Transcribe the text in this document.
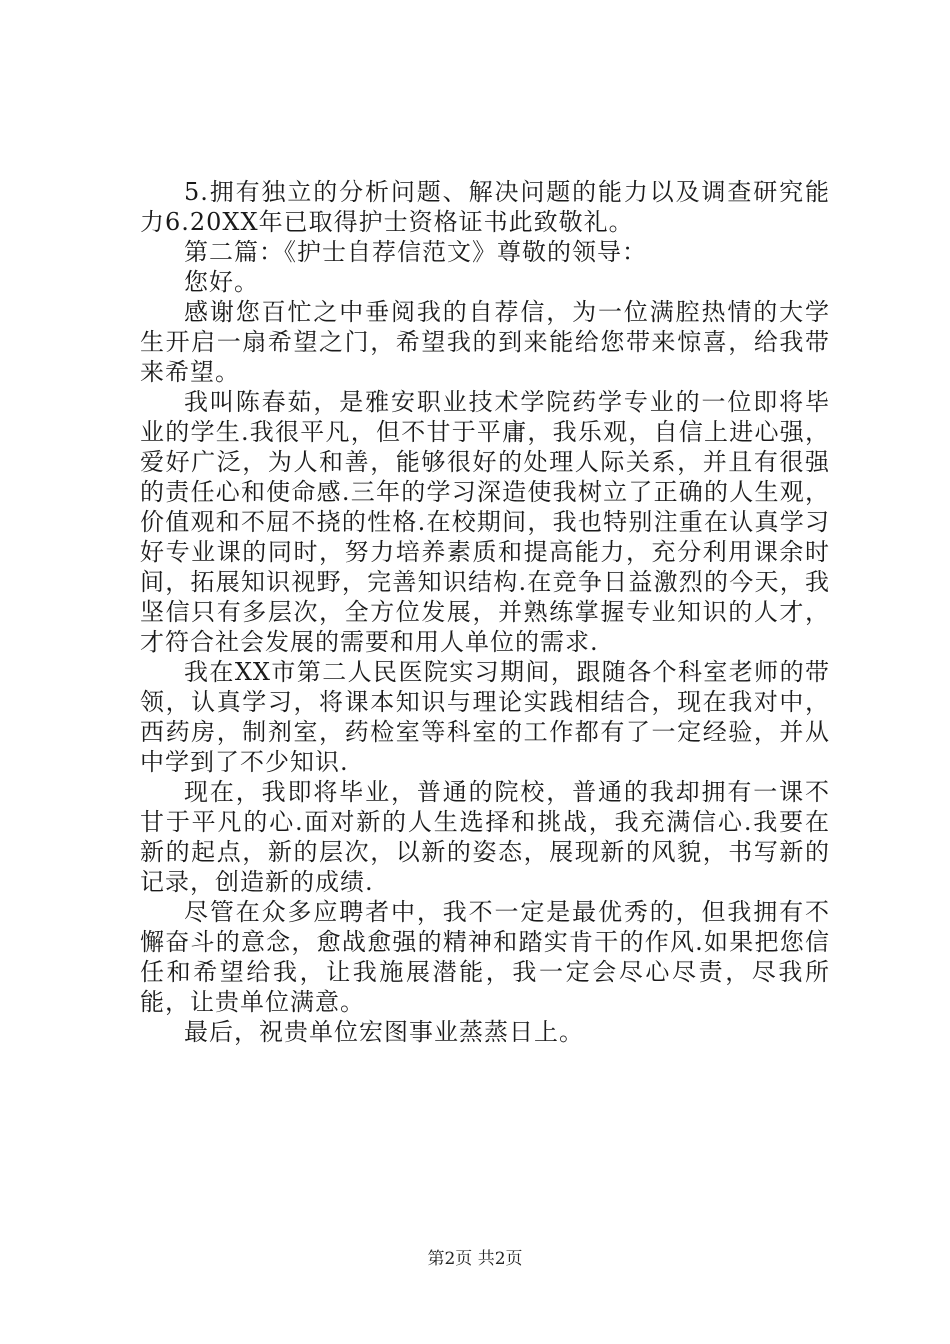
5.拥有独立的分析问题、解决问题的能力以及调查研究能力6.20XX年已取得护士资格证书此致敬礼。

第二篇：《护士自荐信范文》尊敬的领导：

您好。

感谢您百忙之中垂阅我的自荐信，为一位满腔热情的大学生开启一扇希望之门，希望我的到来能给您带来惊喜，给我带来希望。

我叫陈春茹，是雅安职业技术学院药学专业的一位即将毕业的学生.我很平凡，但不甘于平庸，我乐观，自信上进心强，爱好广泛，为人和善，能够很好的处理人际关系，并且有很强的责任心和使命感.三年的学习深造使我树立了正确的人生观，价值观和不屈不挠的性格.在校期间，我也特别注重在认真学习好专业课的同时，努力培养素质和提高能力，充分利用课余时间，拓展知识视野，完善知识结构.在竞争日益激烈的今天，我坚信只有多层次，全方位发展，并熟练掌握专业知识的人才，才符合社会发展的需要和用人单位的需求.

我在XX市第二人民医院实习期间，跟随各个科室老师的带领，认真学习，将课本知识与理论实践相结合，现在我对中，西药房，制剂室，药检室等科室的工作都有了一定经验，并从中学到了不少知识.

现在，我即将毕业，普通的院校，普通的我却拥有一课不甘于平凡的心.面对新的人生选择和挑战，我充满信心.我要在新的起点，新的层次，以新的姿态，展现新的风貌，书写新的记录，创造新的成绩.

尽管在众多应聘者中，我不一定是最优秀的，但我拥有不懈奋斗的意念，愈战愈强的精神和踏实肯干的作风.如果把您信任和希望给我，让我施展潜能，我一定会尽心尽责，尽我所能，让贵单位满意。

最后，祝贵单位宏图事业蒸蒸日上。

第2页 共2页
